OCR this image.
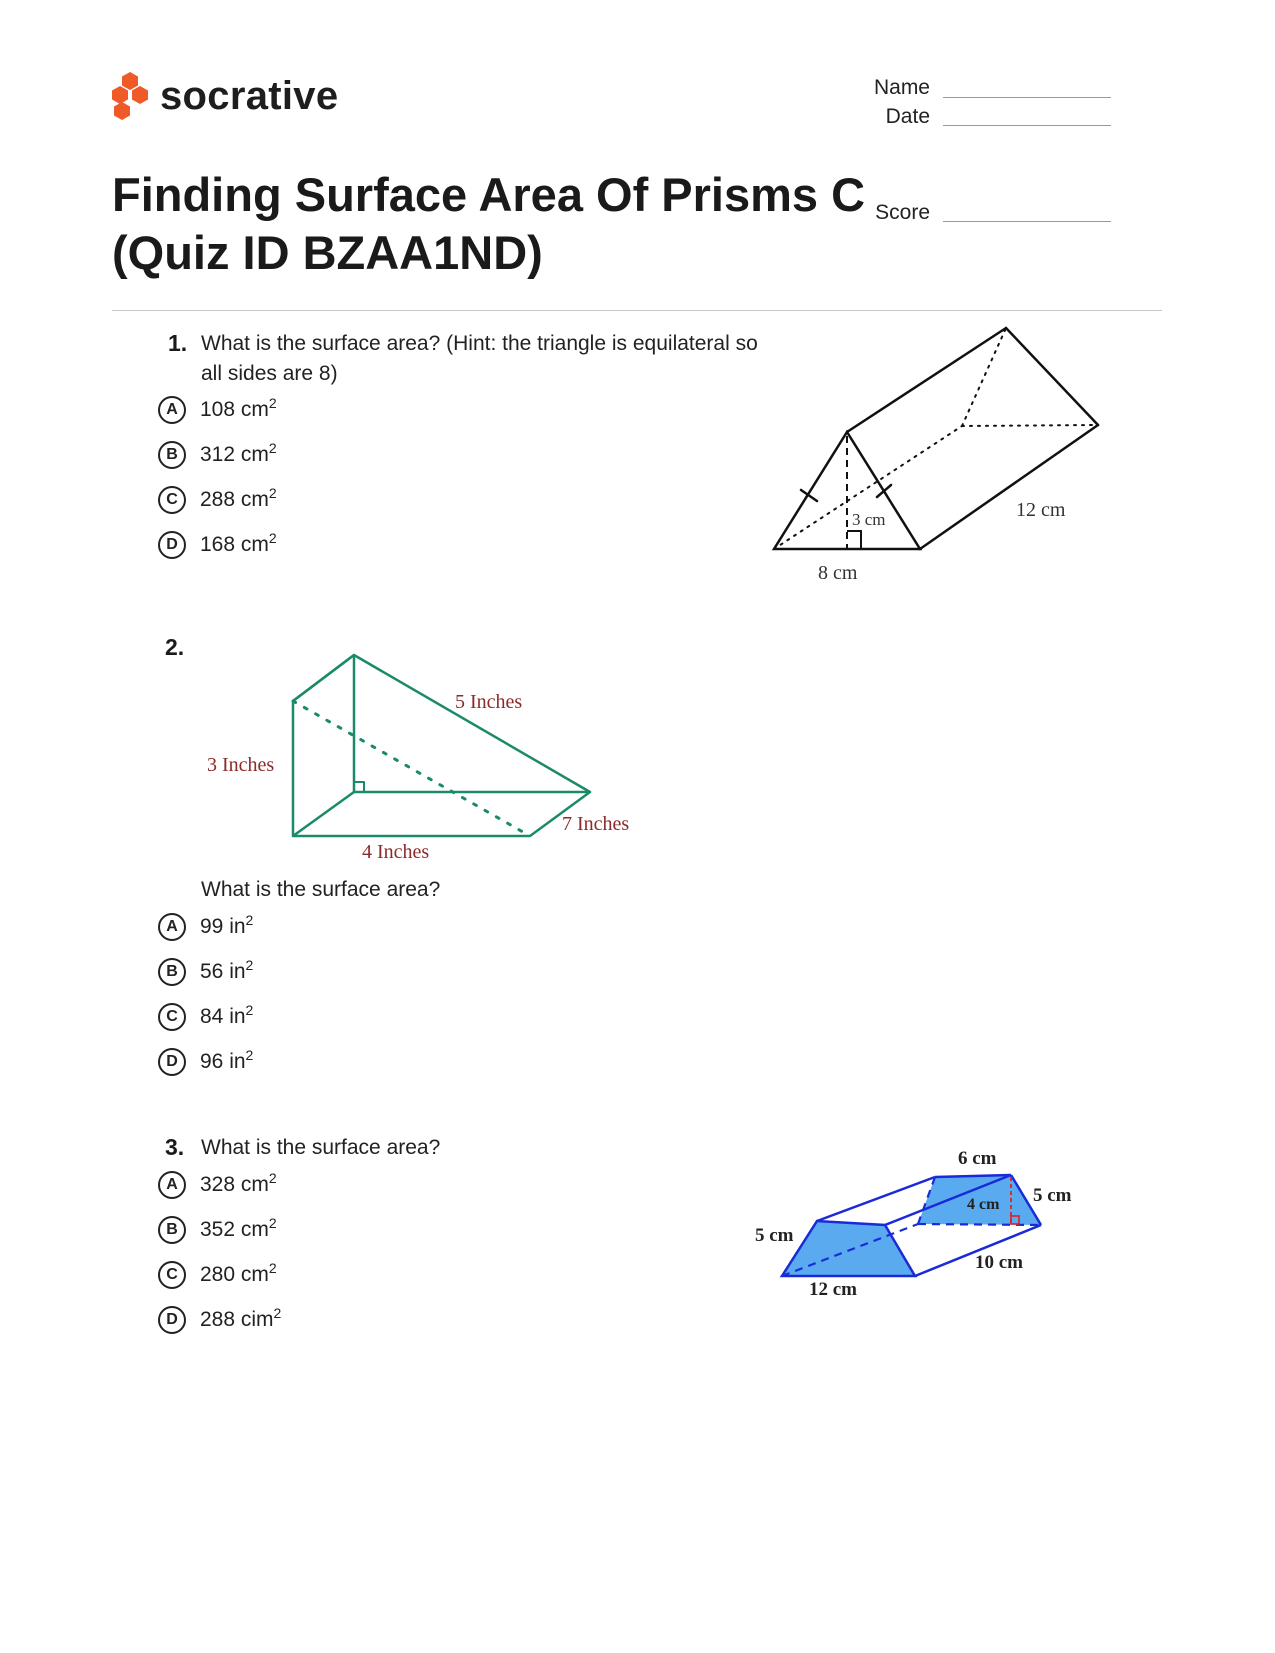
socrative	Name
Date
Score
Finding Surface Area Of Prisms C
(Quiz ID BZAA1ND)
1. What is the surface area? (Hint: the triangle is equilateral so all sides are 8)
A	108 $cm^2$
B	312 $cm^2$
C	288 $cm^2$
D	168 $cm^2$
3 cm
8 cm
12 cm
2.
5 Inches
3 Inches
4 Inches
7 Inches
What is the surface area?
A	99 $in^2$
B	56 $in^2$
C	84 $in^2$
D	96 $in^2$
3. What is the surface area?
A	328 $cm^2$
B	352 $cm^2$
C	280 $cm^2$
D	288 cim$^2$
6 cm
4 cm 5 cm
5 cm
12 cm
10 cm
